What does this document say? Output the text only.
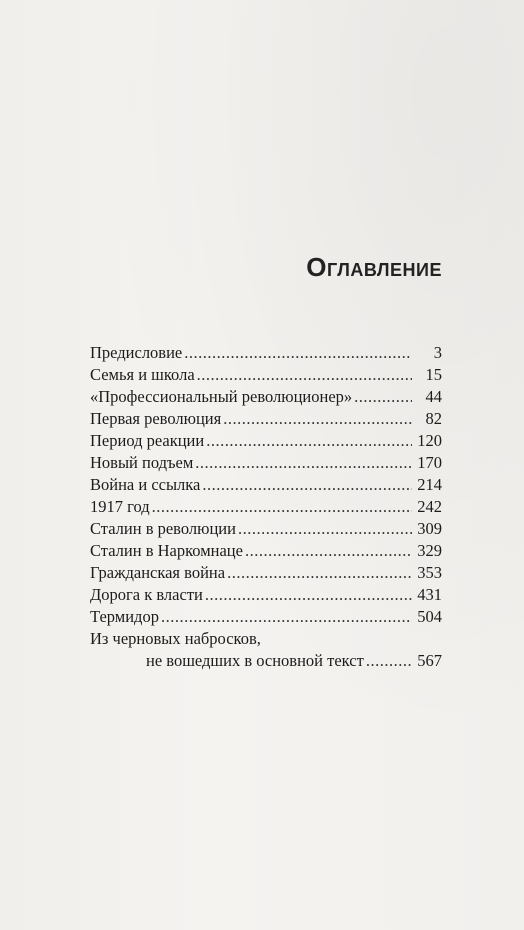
Оглавление
Предисловие .....	3
Семья и школа .....	15
«Профессиональный революционер» .....	44
Первая революция .....	82
Период реакции .....	120
Новый подъем .....	170
Война и ссылка .....	214
1917 год .....	242
Сталин в революции .....	309
Сталин в Наркомнаце .....	329
Гражданская война .....	353
Дорога к власти .....	431
Термидор .....	504
Из черновых набросков,
не вошедших в основной текст .....	567
